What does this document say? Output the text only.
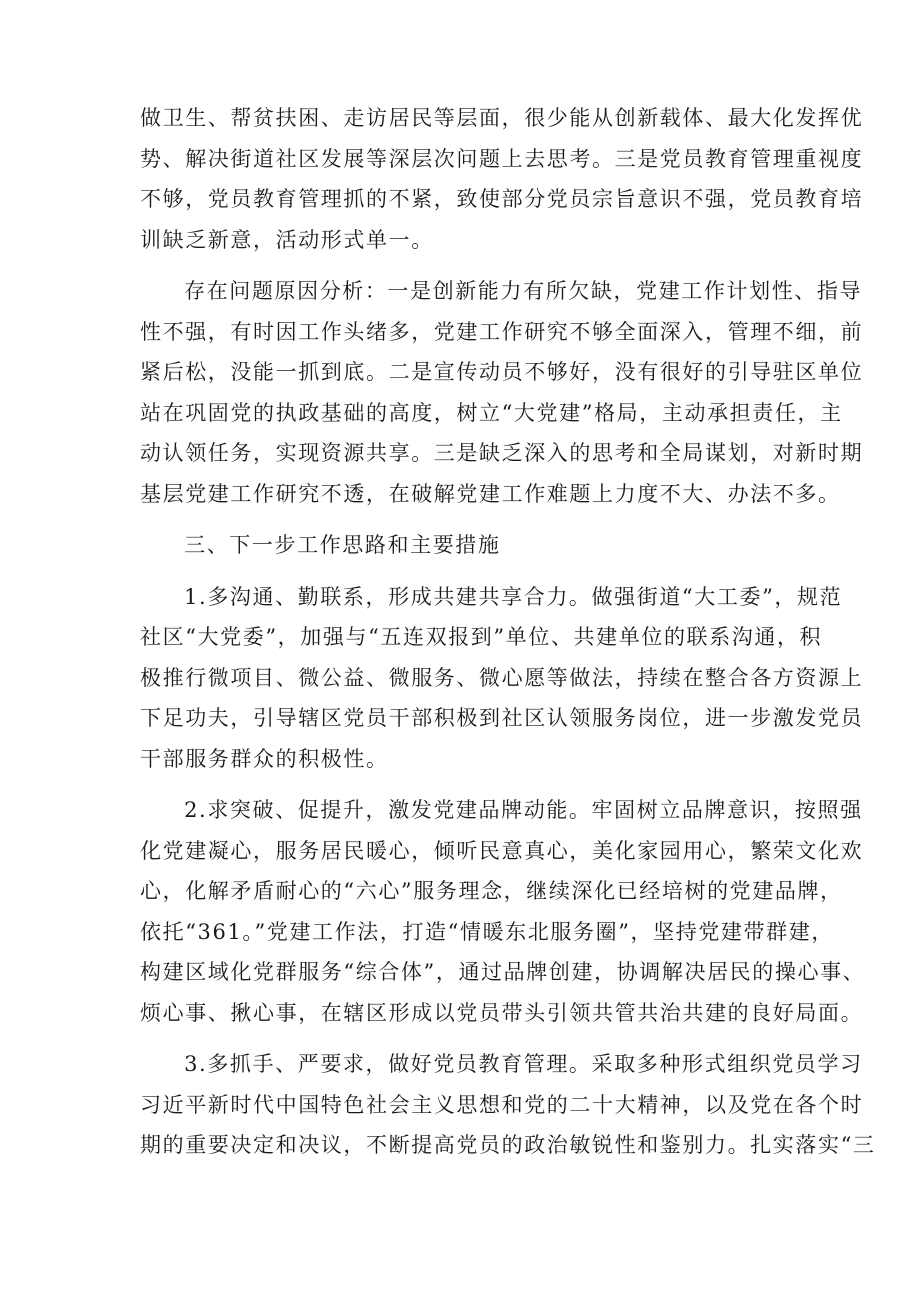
做卫生、帮贫扶困、走访居民等层面，很少能从创新载体、最大化发挥优
势、解决街道社区发展等深层次问题上去思考。三是党员教育管理重视度
不够，党员教育管理抓的不紧，致使部分党员宗旨意识不强，党员教育培
训缺乏新意，活动形式单一。

存在问题原因分析：一是创新能力有所欠缺，党建工作计划性、指导
性不强，有时因工作头绪多，党建工作研究不够全面深入，管理不细，前
紧后松，没能一抓到底。二是宣传动员不够好，没有很好的引导驻区单位
站在巩固党的执政基础的高度，树立“大党建”格局，主动承担责任，主
动认领任务，实现资源共享。三是缺乏深入的思考和全局谋划，对新时期
基层党建工作研究不透，在破解党建工作难题上力度不大、办法不多。

三、下一步工作思路和主要措施

1.多沟通、勤联系，形成共建共享合力。做强街道“大工委”，规范
社区“大党委”，加强与“五连双报到”单位、共建单位的联系沟通，积
极推行微项目、微公益、微服务、微心愿等做法，持续在整合各方资源上
下足功夫，引导辖区党员干部积极到社区认领服务岗位，进一步激发党员
干部服务群众的积极性。

2.求突破、促提升，激发党建品牌动能。牢固树立品牌意识，按照强
化党建凝心，服务居民暖心，倾听民意真心，美化家园用心，繁荣文化欢
心，化解矛盾耐心的“六心”服务理念，继续深化已经培树的党建品牌，
依托“361。”党建工作法，打造“情暖东北服务圈”，坚持党建带群建，
构建区域化党群服务“综合体”，通过品牌创建，协调解决居民的操心事、
烦心事、揪心事，在辖区形成以党员带头引领共管共治共建的良好局面。

3.多抓手、严要求，做好党员教育管理。采取多种形式组织党员学习
习近平新时代中国特色社会主义思想和党的二十大精神，以及党在各个时
期的重要决定和决议，不断提高党员的政治敏锐性和鉴别力。扎实落实“三
